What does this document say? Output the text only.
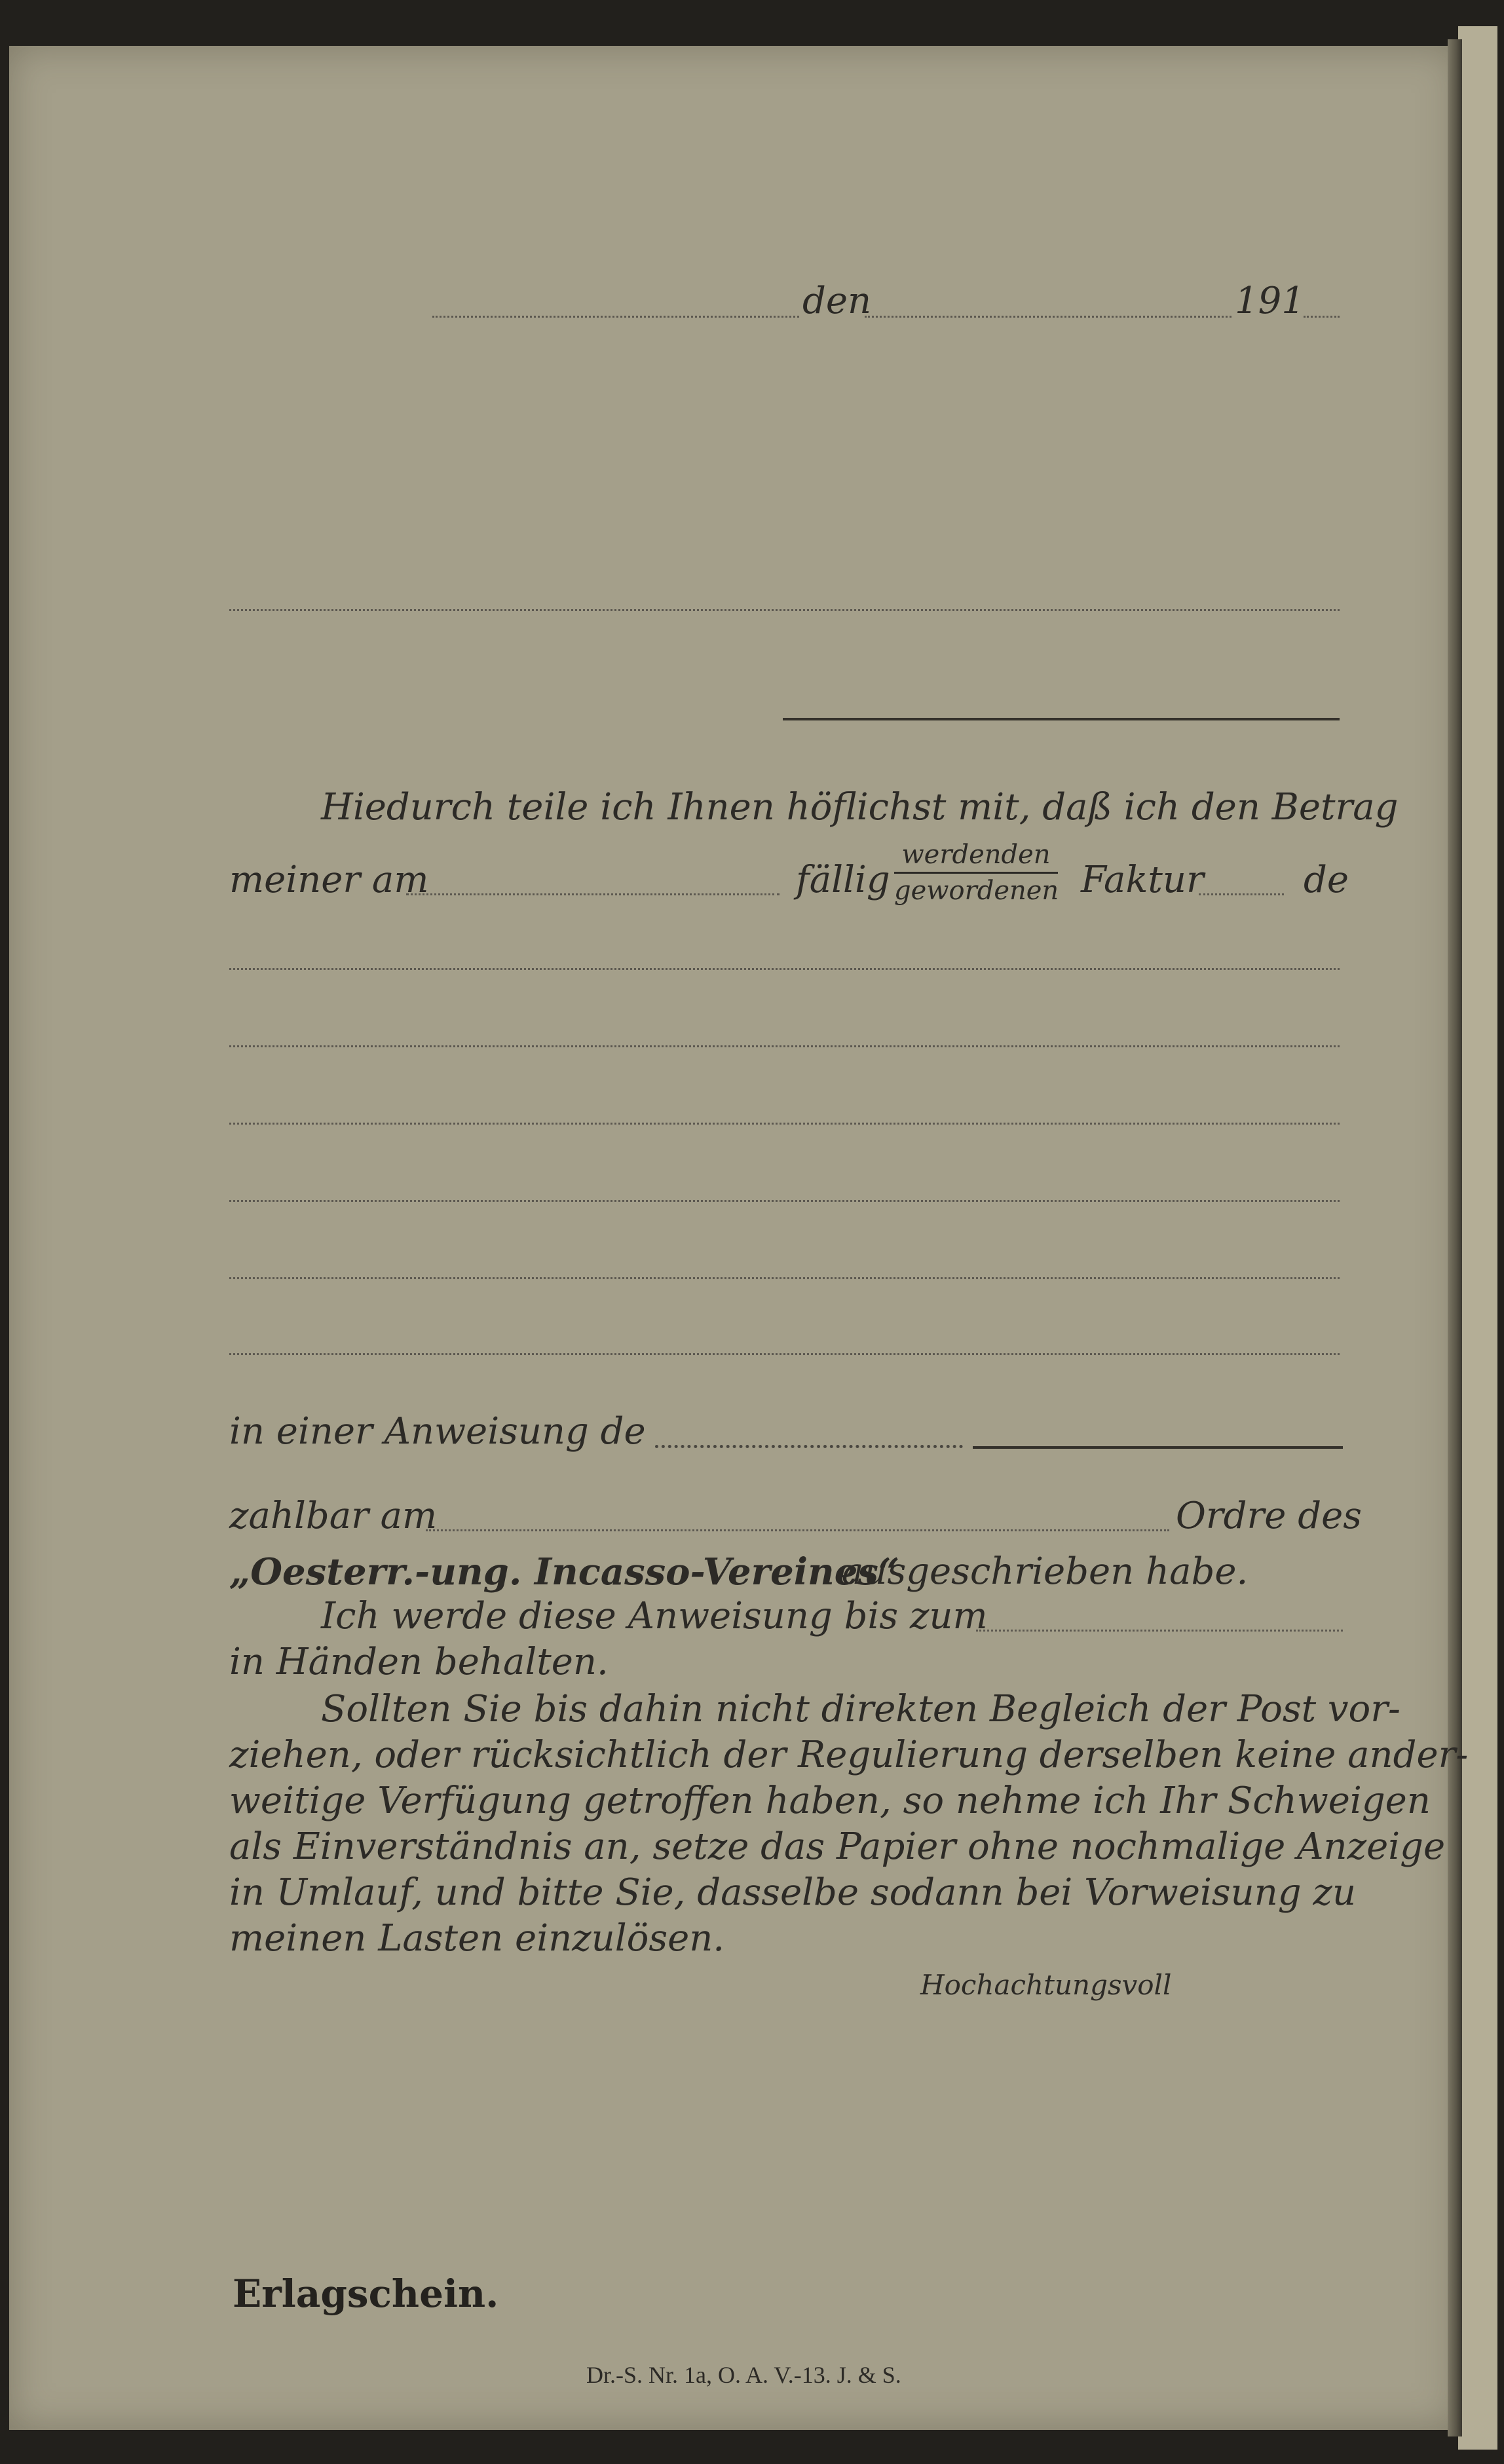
den	191
Hiedurch teile ich Ihnen höflichst mit, daß ich den Betrag
meiner am	fällig
werdenden
gewordenen Faktur	de
in einer Anweisung de
zahlbar am	Ordre des
„Oesterr.-ung. Incasso-Vereines“
ausgeschrieben habe.
Ich werde diese Anweisung bis zum
in Händen behalten.
Sollten Sie bis dahin nicht direkten Begleich der Post vor-
ziehen, oder rücksichtlich der Regulierung derselben keine ander-
weitige Verfügung getroffen haben, so nehme ich Ihr Schweigen
als Einverständnis an, setze das Papier ohne nochmalige Anzeige
in Umlauf, und bitte Sie, dasselbe sodann bei Vorweisung zu
meinen Lasten einzulösen.
Hochachtungsvoll
Erlagschein.
Dr.-S. Nr. 1a, O. A. V.-13. J. & S.
